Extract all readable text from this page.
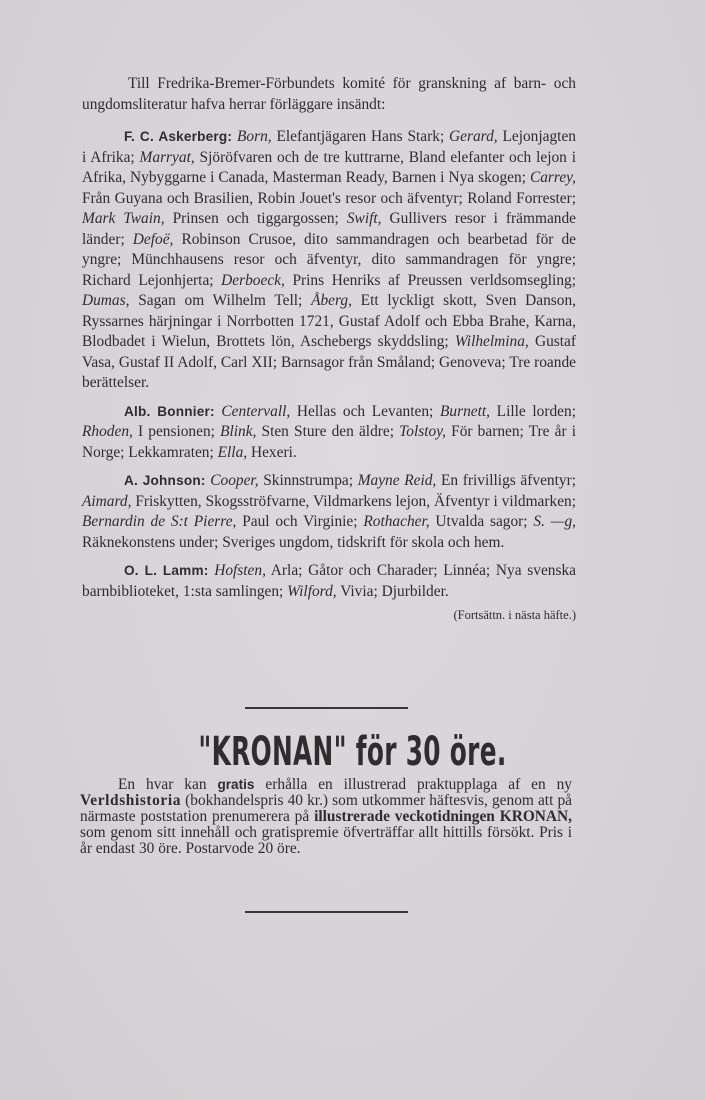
Till Fredrika-Bremer-Förbundets komité för granskning af barn- och ungdomsliteratur hafva herrar förläggare insändt:

F. C. Askerberg: Born, Elefantjägaren Hans Stark; Gerard, Lejonjagten i Afrika; Marryat, Sjöröfvaren och de tre kuttrarne, Bland elefanter och lejon i Afrika, Nybyggarne i Canada, Masterman Ready, Barnen i Nya skogen; Carrey, Från Guyana och Brasilien, Robin Jouet's resor och äfventyr; Roland Forrester; Mark Twain, Prinsen och tiggargossen; Swift, Gullivers resor i främmande länder; Defoë, Robinson Crusoe, dito sammandragen och bearbetad för de yngre; Münchhausens resor och äfventyr, dito sammandragen för yngre; Richard Lejonhjerta; Derboeck, Prins Henriks af Preussen verldsomsegling; Dumas, Sagan om Wilhelm Tell; Åberg, Ett lyckligt skott, Sven Danson, Ryssarnes härjningar i Norrbotten 1721, Gustaf Adolf och Ebba Brahe, Karna, Blodbadet i Wielun, Brottets lön, Aschebergs skyddsling; Wilhelmina, Gustaf Vasa, Gustaf II Adolf, Carl XII; Barnsagor från Småland; Genoveva; Tre roande berättelser.

Alb. Bonnier: Centervall, Hellas och Levanten; Burnett, Lille lorden; Rhoden, I pensionen; Blink, Sten Sture den äldre; Tolstoy, För barnen; Tre år i Norge; Lekkamraten; Ella, Hexeri.

A. Johnson: Cooper, Skinnstrumpa; Mayne Reid, En frivilligs äfventyr; Aimard, Friskytten, Skogsströfvarne, Vildmarkens lejon, Äfventyr i vildmarken; Bernardin de S:t Pierre, Paul och Virginie; Rothacher, Utvalda sagor; S. —g, Räknekonstens under; Sveriges ungdom, tidskrift för skola och hem.

O. L. Lamm: Hofsten, Arla; Gåtor och Charader; Linnéa; Nya svenska barnbiblioteket, 1:sta samlingen; Wilford, Vivia; Djurbilder.
(Fortsättn. i nästa häfte.)

"KRONAN" för 30 öre.

En hvar kan gratis erhålla en illustrerad praktupplaga af en ny Verldshistoria (bokhandelspris 40 kr.) som utkommer häftesvis, genom att på närmaste poststation prenumerera på illustrerade veckotidningen KRONAN, som genom sitt innehåll och gratispremie öfverträffar allt hittills försökt. Pris i år endast 30 öre. Postarvode 20 öre.
